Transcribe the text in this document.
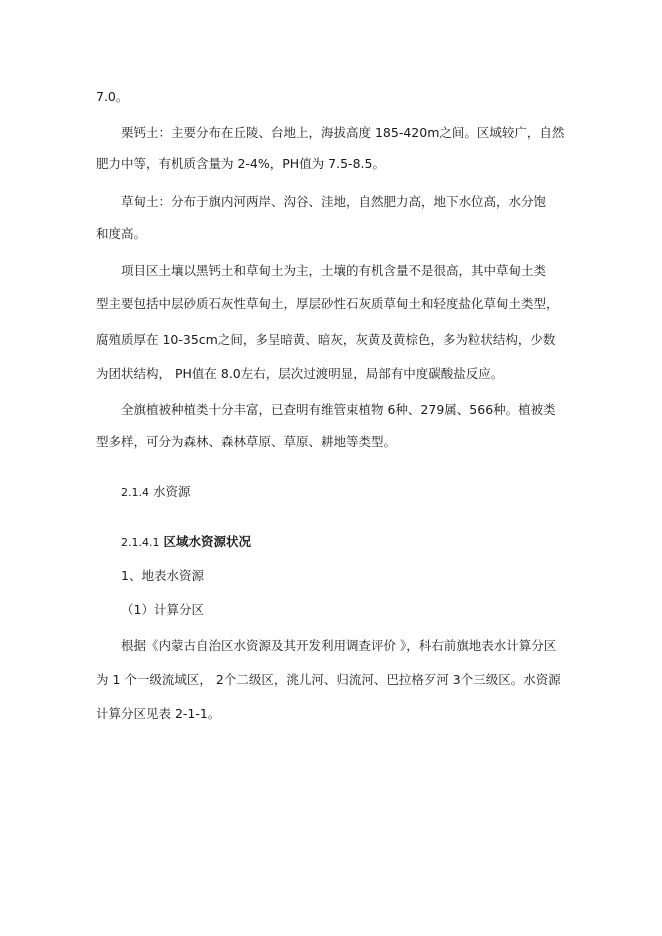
7.0。
栗钙土：主要分布在丘陵、台地上，海拔高度 185-420m之间。区域较广，自然
肥力中等，有机质含量为 2-4%，PH值为 7.5-8.5。
草甸土：分布于旗内河两岸、沟谷、洼地，自然肥力高，地下水位高，水分饱
和度高。
项目区土壤以黑钙土和草甸土为主，土壤的有机含量不是很高，其中草甸土类
型主要包括中层砂质石灰性草甸土，厚层砂性石灰质草甸土和轻度盐化草甸土类型，
腐殖质厚在 10-35cm之间，多呈暗黄、暗灰，灰黄及黄棕色，多为粒状结构，少数
为团状结构， PH值在 8.0左右，层次过渡明显，局部有中度碳酸盐反应。
全旗植被种植类十分丰富，已查明有维管束植物 6种、279属、566种。植被类
型多样，可分为森林、森林草原、草原、耕地等类型。
2.1.4 水资源
2.1.4.1 区域水资源状况
1、地表水资源
（1）计算分区
根据《内蒙古自治区水资源及其开发利用调查评价 》，科右前旗地表水计算分区
为 1 个一级流域区， 2个二级区，洮儿河、归流河、巴拉格歹河 3个三级区。水资源
计算分区见表 2-1-1。
